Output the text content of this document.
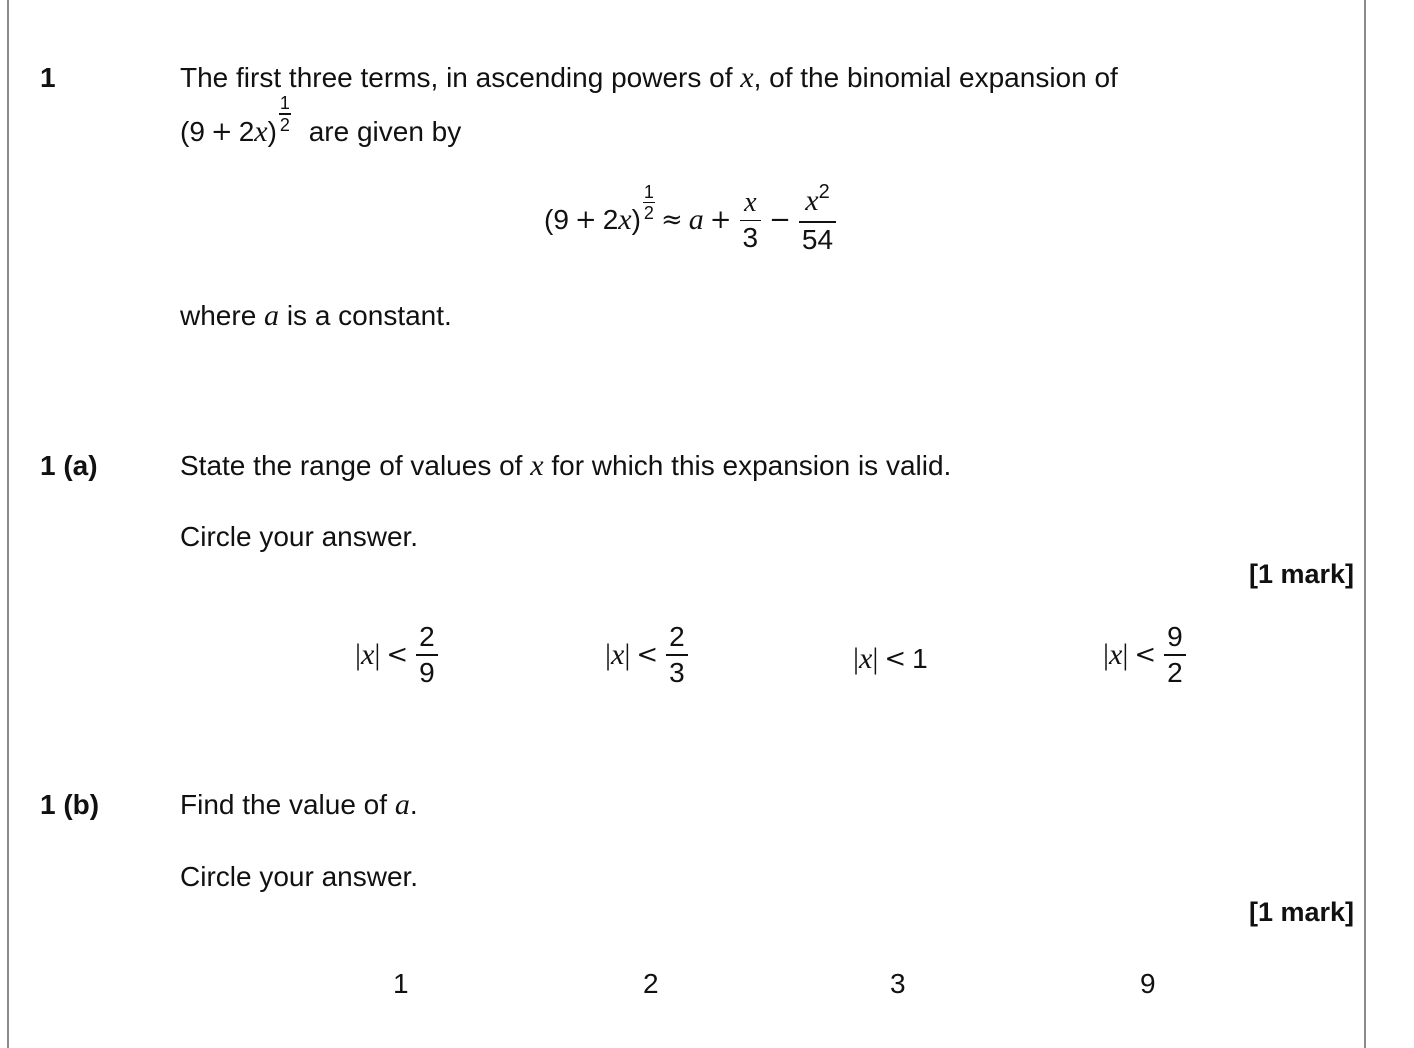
1	The first three terms, in ascending powers of x, of the binomial expansion of
(9 + 2 x ) $\frac{1}{2}$ are given by
(9 + 2 x ) $\frac{1}{2} \approx a + \frac{x}{3} - \frac{x^2}{54}$
where a is a constant.
1 (a)	State the range of values of x for which this expansion is valid.
Circle your answer.
[1 mark]
| x | < $\frac{2}{9}$	| x | < $\frac{2}{3}$	| x | < 1	| x | < $\frac{9}{2}$
1 (b)	Find the value of a.
Circle your answer.
[1 mark]
1	2	3	9
